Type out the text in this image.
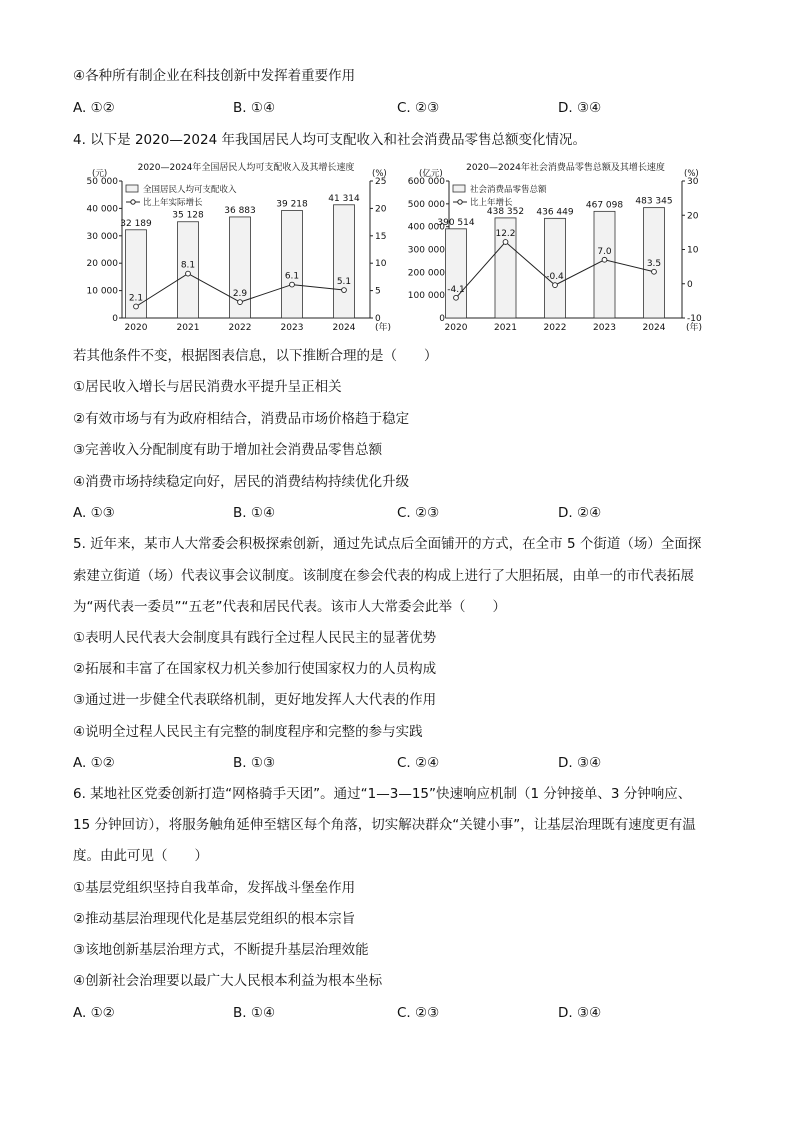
④各种所有制企业在科技创新中发挥着重要作用
A. ①②	B. ①④	C. ②③	D. ③④
4. 以下是 2020—2024 年我国居民人均可支配收入和社会消费品零售总额变化情况。
2020—2024年全国居民人均可支配收入及其增长速度
(元)	(%)
0
10 000
20 000
30 000
40 000
50 000
0
5
10
15
20
25
32 189
35 128 36 883
39 218
41 314
2020	2021	2022	2023	2024 (年)
2.1
8.1
2.9
6.1
5.1
全国居民人均可支配收入
比上年实际增长
2020—2024年社会消费品零售总额及其增长速度
(亿元)	(%)
0
100 000
200 000
300 000
400 000
500 000
600 000
-10
0
10
20
30
390 514
438 352 436 449
467 098 483 345
2020	2021	2022	2023	2024 (年)
-4.1
12.2
-0.4
7.0
3.5
社会消费品零售总额
比上年增长
若其他条件不变，根据图表信息，以下推断合理的是（　　）
①居民收入增长与居民消费水平提升呈正相关
②有效市场与有为政府相结合，消费品市场价格趋于稳定
③完善收入分配制度有助于增加社会消费品零售总额
④消费市场持续稳定向好，居民的消费结构持续优化升级
A. ①③	B. ①④	C. ②③	D. ②④
5. 近年来，某市人大常委会积极探索创新，通过先试点后全面铺开的方式，在全市 5 个街道（场）全面探
索建立街道（场）代表议事会议制度。该制度在参会代表的构成上进行了大胆拓展，由单一的市代表拓展
为“两代表一委员”“五老”代表和居民代表。该市人大常委会此举（　　）
①表明人民代表大会制度具有践行全过程人民民主的显著优势
②拓展和丰富了在国家权力机关参加行使国家权力的人员构成
③通过进一步健全代表联络机制，更好地发挥人大代表的作用
④说明全过程人民民主有完整的制度程序和完整的参与实践
A. ①②	B. ①③	C. ②④	D. ③④
6. 某地社区党委创新打造“网格骑手天团”。通过“1—3—15”快速响应机制（1 分钟接单、3 分钟响应、
15 分钟回访），将服务触角延伸至辖区每个角落，切实解决群众“关键小事”，让基层治理既有速度更有温
度。由此可见（　　）
①基层党组织坚持自我革命，发挥战斗堡垒作用
②推动基层治理现代化是基层党组织的根本宗旨
③该地创新基层治理方式，不断提升基层治理效能
④创新社会治理要以最广大人民根本利益为根本坐标
A. ①②	B. ①④	C. ②③	D. ③④
